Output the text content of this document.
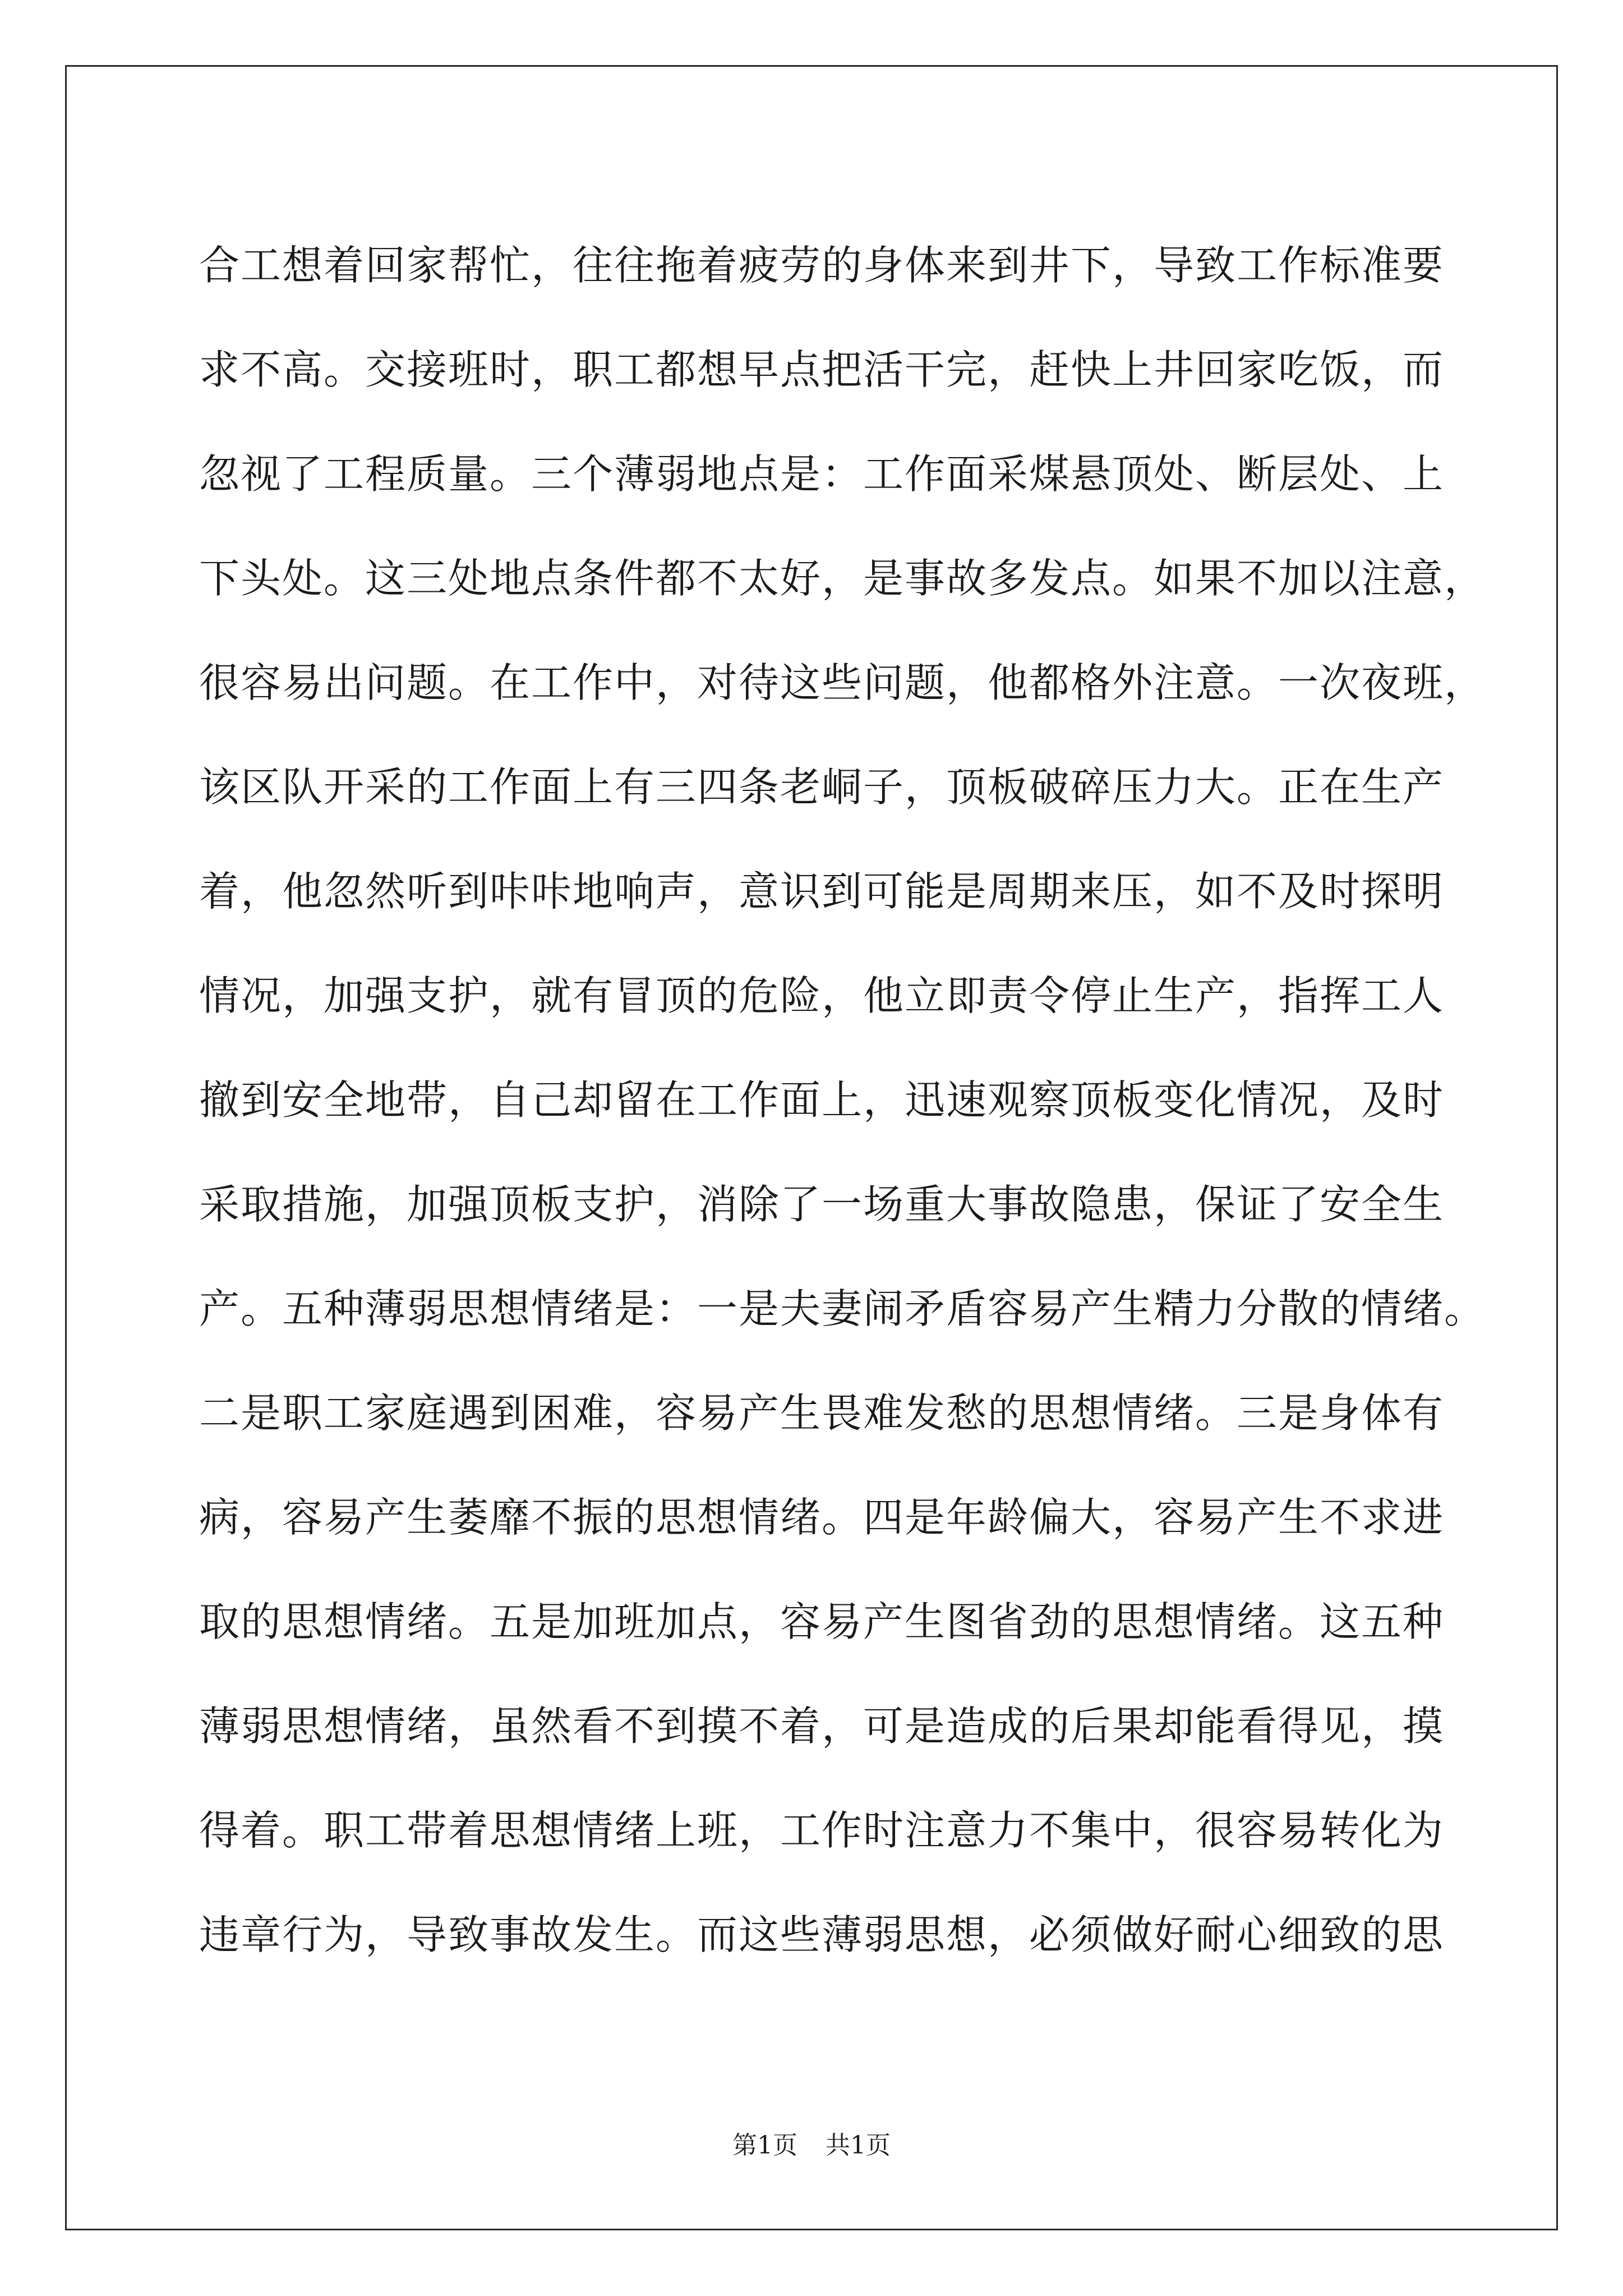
合工想着回家帮忙，往往拖着疲劳的身体来到井下，导致工作标准要
求不高。交接班时，职工都想早点把活干完，赶快上井回家吃饭，而
忽视了工程质量。三个薄弱地点是：工作面采煤悬顶处、断层处、上
下头处。这三处地点条件都不太好，是事故多发点。如果不加以注意，
很容易出问题。在工作中，对待这些问题，他都格外注意。一次夜班，
该区队开采的工作面上有三四条老峒子，顶板破碎压力大。正在生产
着，他忽然听到咔咔地响声，意识到可能是周期来压，如不及时探明
情况，加强支护，就有冒顶的危险，他立即责令停止生产，指挥工人
撤到安全地带，自己却留在工作面上，迅速观察顶板变化情况，及时
采取措施，加强顶板支护，消除了一场重大事故隐患，保证了安全生
产。五种薄弱思想情绪是：一是夫妻闹矛盾容易产生精力分散的情绪。
二是职工家庭遇到困难，容易产生畏难发愁的思想情绪。三是身体有
病，容易产生萎靡不振的思想情绪。四是年龄偏大，容易产生不求进
取的思想情绪。五是加班加点，容易产生图省劲的思想情绪。这五种
薄弱思想情绪，虽然看不到摸不着，可是造成的后果却能看得见，摸
得着。职工带着思想情绪上班，工作时注意力不集中，很容易转化为
违章行为，导致事故发生。而这些薄弱思想，必须做好耐心细致的思
第1页 共1页
